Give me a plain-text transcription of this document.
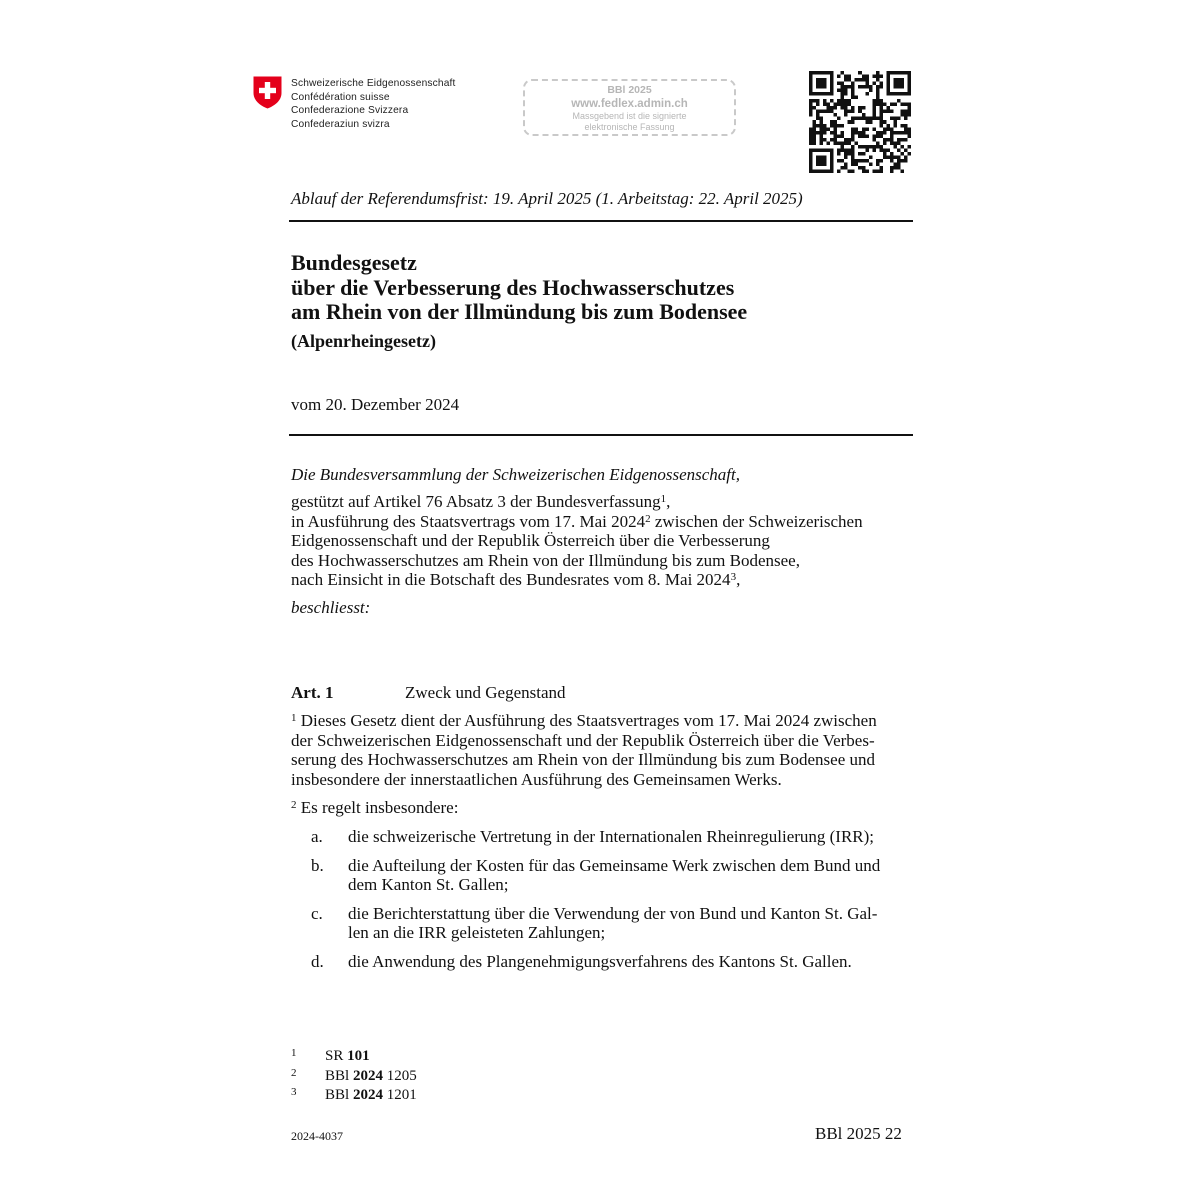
Schweizerische Eidgenossenschaft
Confédération suisse
Confederazione Svizzera
Confederaziun svizra
BBl 2025
www.fedlex.admin.ch
Massgebend ist die signierte
elektronische Fassung
Ablauf der Referendumsfrist: 19. April 2025 (1. Arbeitstag: 22. April 2025)
Bundesgesetz
über die Verbesserung des Hochwasserschutzes
am Rhein von der Illmündung bis zum Bodensee
(Alpenrheingesetz)
vom 20. Dezember 2024
Die Bundesversammlung der Schweizerischen Eidgenossenschaft,
gestützt auf Artikel 76 Absatz 3 der Bundesverfassung$^1$,
in Ausführung des Staatsvertrags vom 17. Mai 2024$^2$ zwischen der Schweizerischen
Eidgenossenschaft und der Republik Österreich über die Verbesserung
des Hochwasserschutzes am Rhein von der Illmündung bis zum Bodensee,
nach Einsicht in die Botschaft des Bundesrates vom 8. Mai 2024$^3$,
beschliesst:
Art. 1	Zweck und Gegenstand
$^1$ Dieses Gesetz dient der Ausführung des Staatsvertrages vom 17. Mai 2024 zwischen
der Schweizerischen Eidgenossenschaft und der Republik Österreich über die Verbes-
serung des Hochwasserschutzes am Rhein von der Illmündung bis zum Bodensee und
insbesondere der innerstaatlichen Ausführung des Gemeinsamen Werks.
$^2$ Es regelt insbesondere:
a. die schweizerische Vertretung in der Internationalen Rheinregulierung (IRR);
b. die Aufteilung der Kosten für das Gemeinsame Werk zwischen dem Bund und
dem Kanton St. Gallen;
c. die Berichterstattung über die Verwendung der von Bund und Kanton St. Gal-
len an die IRR geleisteten Zahlungen;
d. die Anwendung des Plangenehmigungsverfahrens des Kantons St. Gallen.
1 SR 101
2 BBl 2024 1205
3 BBl 2024 1201
2024-4037	BBl 2025 22
